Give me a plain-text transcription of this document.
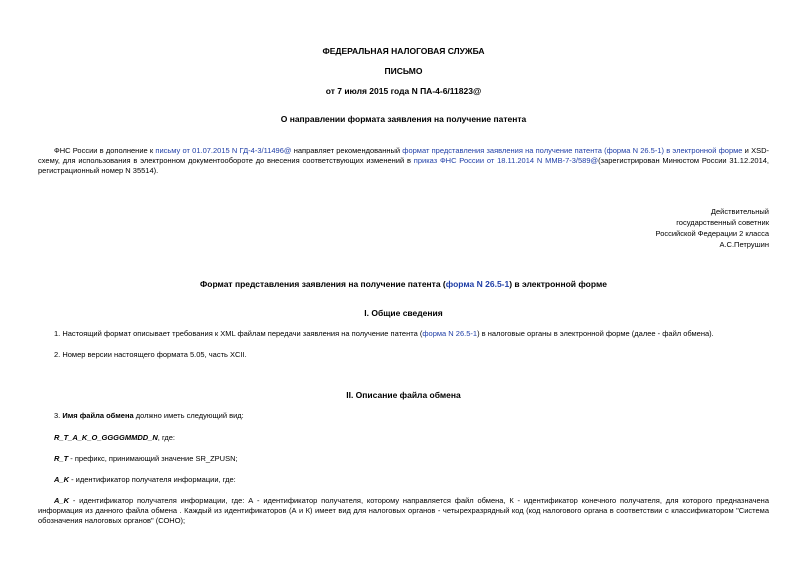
ФЕДЕРАЛЬНАЯ НАЛОГОВАЯ СЛУЖБА
ПИСЬМО
от 7 июля 2015 года N ПА-4-6/11823@
О направлении формата заявления на получение патента
ФНС России в дополнение к письму от 01.07.2015 N ГД-4-3/11496@ направляет рекомендованный формат представления заявления на получение патента (форма N 26.5-1) в электронной форме и XSD-схему, для использования в электронном документообороте до внесения соответствующих изменений в приказ ФНС России от 18.11.2014 N ММВ-7-3/589@(зарегистрирован Минюстом России 31.12.2014, регистрационный номер N 35514).
Действительный
государственный советник
Российской Федерации 2 класса
А.С.Петрушин
Формат представления заявления на получение патента (форма N 26.5-1) в электронной форме
I. Общие сведения
1. Настоящий формат описывает требования к XML файлам передачи заявления на получение патента (форма N 26.5-1) в налоговые органы в электронной форме (далее - файл обмена).
2. Номер версии настоящего формата 5.05, часть XCII.
II. Описание файла обмена
3. Имя файла обмена должно иметь следующий вид:
R_T_A_K_O_GGGGMMDD_N, где:
R_T - префикс, принимающий значение SR_ZPUSN;
A_K - идентификатор получателя информации, где:
A_K - идентификатор получателя информации, где: А - идентификатор получателя, которому направляется файл обмена, К - идентификатор конечного получателя, для которого предназначена информация из данного файла обмена . Каждый из идентификаторов (А и К) имеет вид для налоговых органов - четырехразрядный код (код налогового органа в соответствии с классификатором "Система обозначения налоговых органов" (СОНО);
